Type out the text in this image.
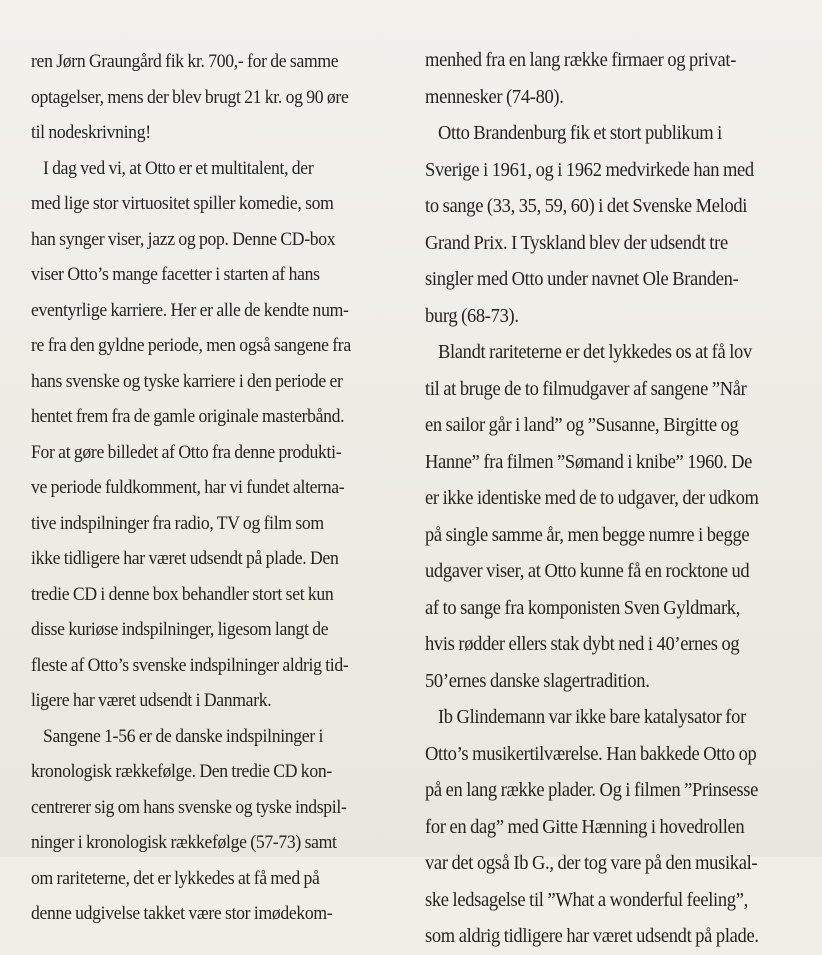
ren Jørn Graungård fik kr. 700,- for de samme
optagelser, mens der blev brugt 21 kr. og 90 øre
til nodeskrivning!
I dag ved vi, at Otto er et multitalent, der
med lige stor virtuositet spiller komedie, som
han synger viser, jazz og pop. Denne CD-box
viser Otto’s mange facetter i starten af hans
eventyrlige karriere. Her er alle de kendte num-
re fra den gyldne periode, men også sangene fra
hans svenske og tyske karriere i den periode er
hentet frem fra de gamle originale masterbånd.
For at gøre billedet af Otto fra denne produkti-
ve periode fuldkomment, har vi fundet alterna-
tive indspilninger fra radio, TV og film som
ikke tidligere har været udsendt på plade. Den
tredie CD i denne box behandler stort set kun
disse kuriøse indspilninger, ligesom langt de
fleste af Otto’s svenske indspilninger aldrig tid-
ligere har været udsendt i Danmark.
Sangene 1-56 er de danske indspilninger i
kronologisk rækkefølge. Den tredie CD kon-
centrerer sig om hans svenske og tyske indspil-
ninger i kronologisk rækkefølge (57-73) samt
om rariteterne, det er lykkedes at få med på
denne udgivelse takket være stor imødekom-
menhed fra en lang række firmaer og privat-
mennesker (74-80).
Otto Brandenburg fik et stort publikum i
Sverige i 1961, og i 1962 medvirkede han med
to sange (33, 35, 59, 60) i det Svenske Melodi
Grand Prix. I Tyskland blev der udsendt tre
singler med Otto under navnet Ole Branden-
burg (68-73).
Blandt rariteterne er det lykkedes os at få lov
til at bruge de to filmudgaver af sangene ”Når
en sailor går i land” og ”Susanne, Birgitte og
Hanne” fra filmen ”Sømand i knibe” 1960. De
er ikke identiske med de to udgaver, der udkom
på single samme år, men begge numre i begge
udgaver viser, at Otto kunne få en rocktone ud
af to sange fra komponisten Sven Gyldmark,
hvis rødder ellers stak dybt ned i 40’ernes og
50’ernes danske slagertradition.
Ib Glindemann var ikke bare katalysator for
Otto’s musikertilværelse. Han bakkede Otto op
på en lang række plader. Og i filmen ”Prinsesse
for en dag” med Gitte Hænning i hovedrollen
var det også Ib G., der tog vare på den musikal-
ske ledsagelse til ”What a wonderful feeling”,
som aldrig tidligere har været udsendt på plade.
